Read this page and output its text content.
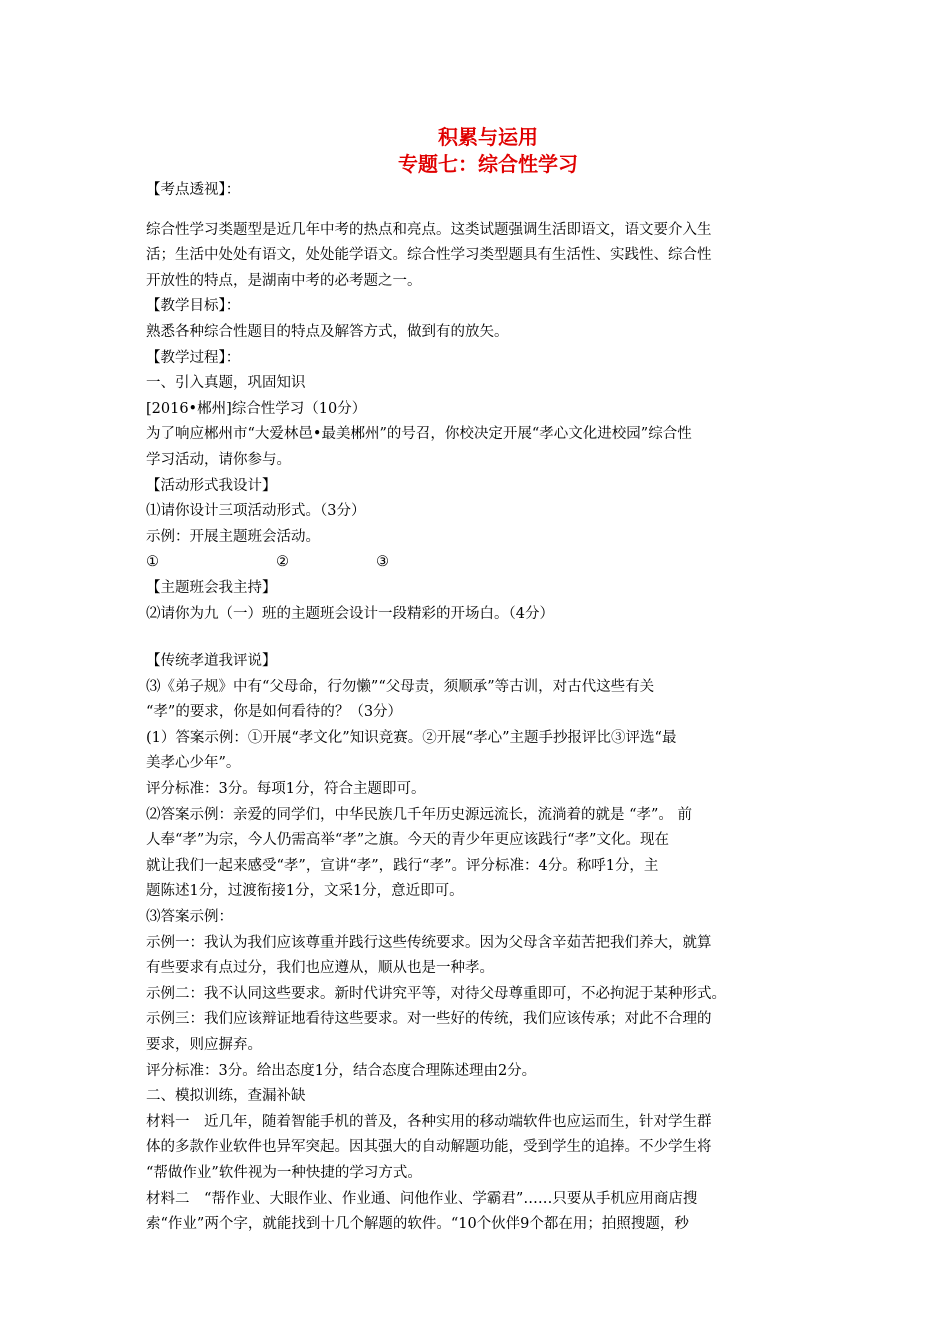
积累与运用
专题七：综合性学习
【考点透视】：
综合性学习类题型是近几年中考的热点和亮点。这类试题强调生活即语文，语文要介入生
活；生活中处处有语文，处处能学语文。综合性学习类型题具有生活性、实践性、综合性
开放性的特点，是湖南中考的必考题之一。
【教学目标】：
熟悉各种综合性题目的特点及解答方式，做到有的放矢。
【教学过程】：
一、引入真题，巩固知识
[2016•郴州]综合性学习（10分）
为了响应郴州市“大爱林邑•最美郴州”的号召，你校决定开展“孝心文化进校园”综合性
学习活动，请你参与。
【活动形式我设计】
⑴请你设计三项活动形式。（3分）
示例：开展主题班会活动。
①	②	③
【主题班会我主持】
⑵请你为九（一）班的主题班会设计一段精彩的开场白。（4分）
【传统孝道我评说】
⑶《弟子规》中有“父母命，行勿懒”“父母责，须顺承”等古训，对古代这些有关
“孝”的要求，你是如何看待的？（3分）
(1）答案示例：①开展“孝文化”知识竞赛。②开展“孝心”主题手抄报评比③评选“最
美孝心少年”。
评分标准：3分。每项1分，符合主题即可。
⑵答案示例：亲爱的同学们，中华民族几千年历史源远流长，流淌着的就是 “孝”。 前
人奉“孝”为宗，今人仍需高举“孝”之旗。今天的青少年更应该践行“孝”文化。现在
就让我们一起来感受“孝”，宣讲“孝”，践行“孝”。评分标准：4分。称呼1分，主
题陈述1分，过渡衔接1分，文采1分，意近即可。
⑶答案示例：
示例一：我认为我们应该尊重并践行这些传统要求。因为父母含辛茹苦把我们养大，就算
有些要求有点过分，我们也应遵从，顺从也是一种孝。
示例二：我不认同这些要求。新时代讲究平等，对待父母尊重即可，不必拘泥于某种形式。
示例三：我们应该辩证地看待这些要求。对一些好的传统，我们应该传承；对此不合理的
要求，则应摒弃。
评分标准：3分。给出态度1分，结合态度合理陈述理由2分。
二、模拟训练，查漏补缺
材料一　近几年，随着智能手机的普及，各种实用的移动端软件也应运而生，针对学生群
体的多款作业软件也异军突起。因其强大的自动解题功能，受到学生的追捧。不少学生将
“帮做作业”软件视为一种快捷的学习方式。
材料二　“帮作业、大眼作业、作业通、问他作业、学霸君”……只要从手机应用商店搜
索“作业”两个字，就能找到十几个解题的软件。“10个伙伴9个都在用；拍照搜题，秒
